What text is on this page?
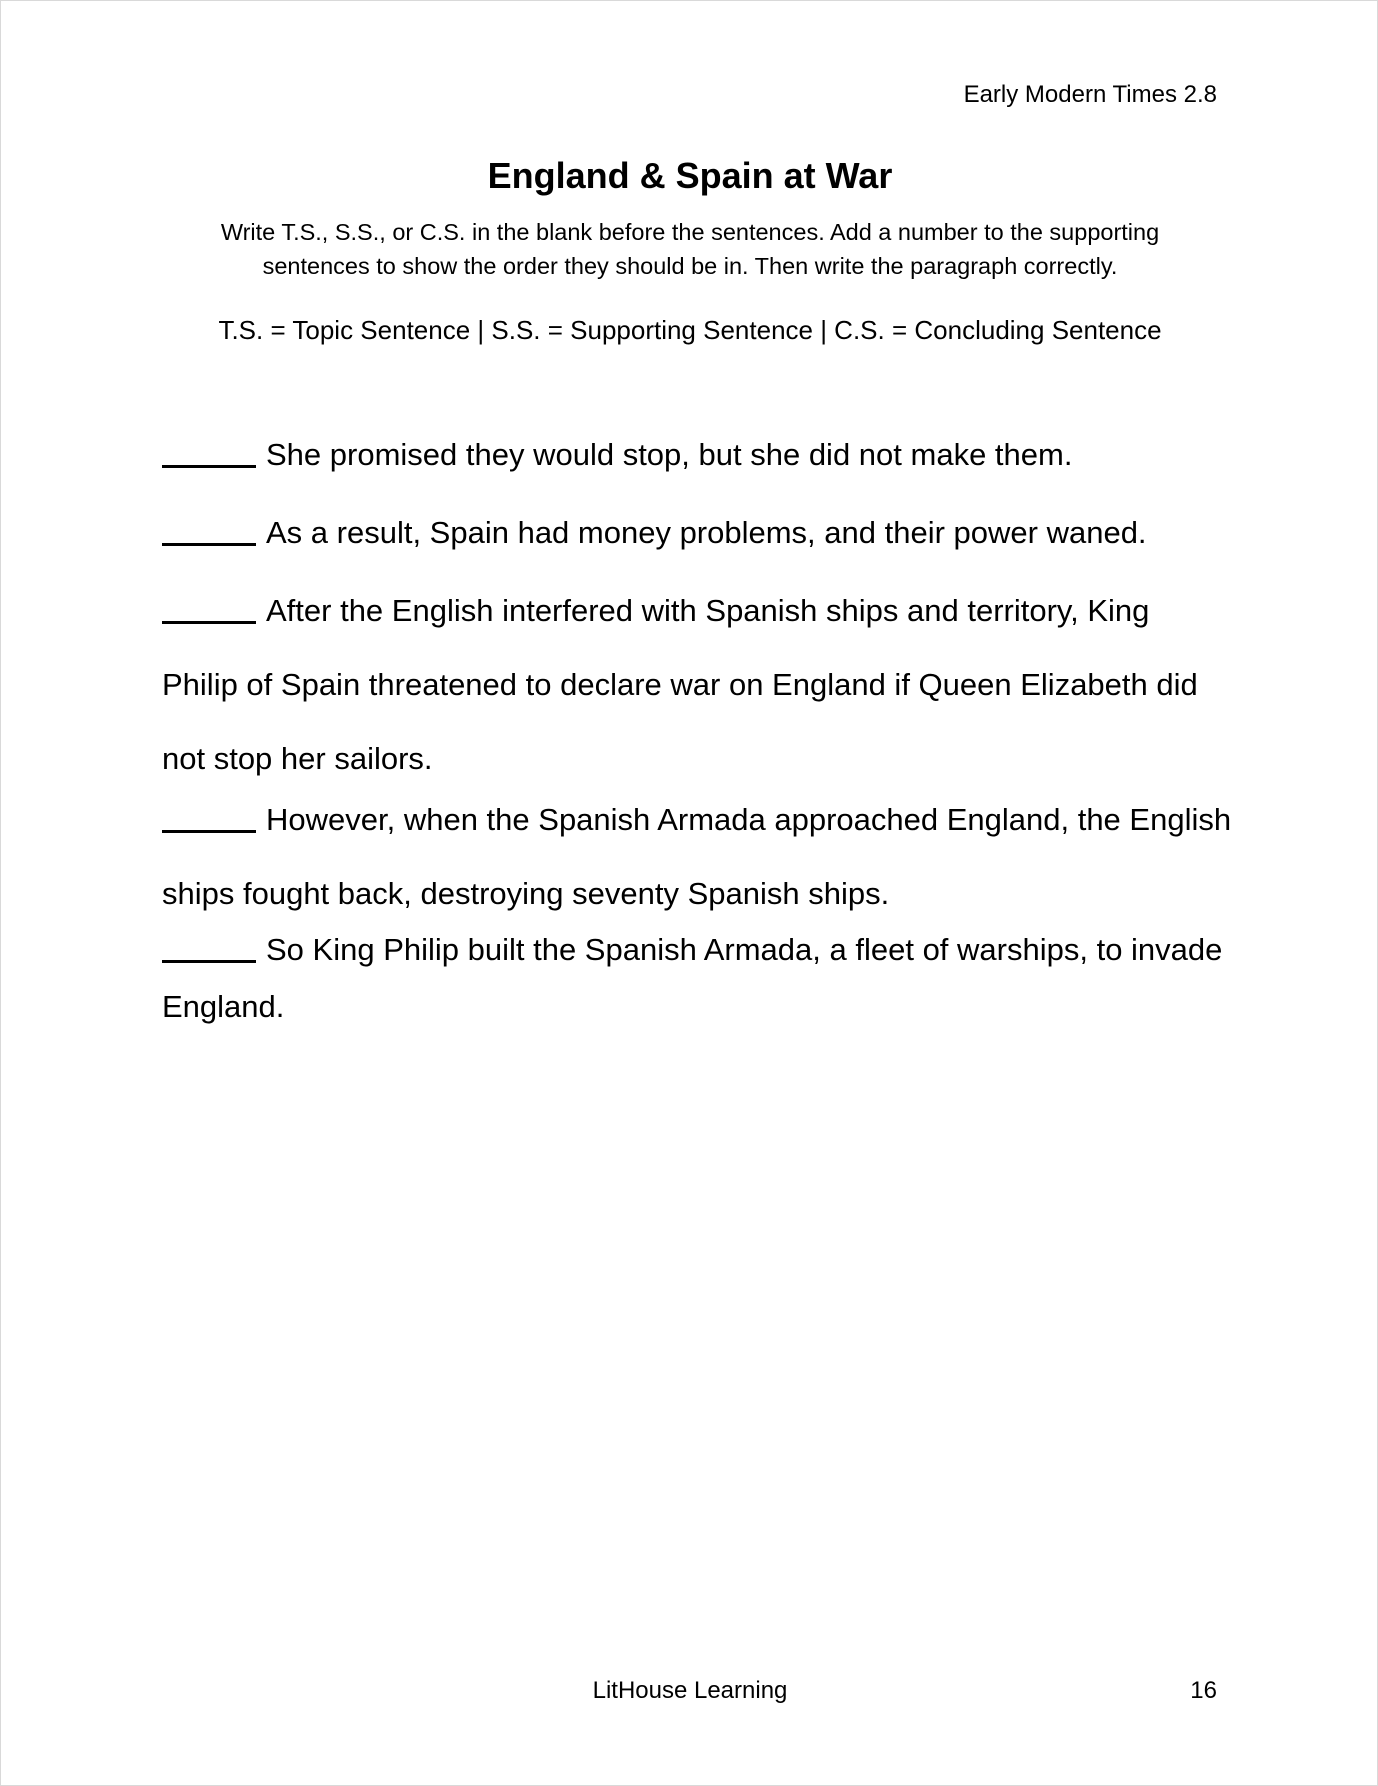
Early Modern Times 2.8
England & Spain at War
Write T.S., S.S., or C.S. in the blank before the sentences. Add a number to the supporting sentences to show the order they should be in. Then write the paragraph correctly.
T.S. = Topic Sentence | S.S. = Supporting Sentence | C.S. = Concluding Sentence

She promised they would stop, but she did not make them.

As a result, Spain had money problems, and their power waned.

After the English interfered with Spanish ships and territory, King Philip of Spain threatened to declare war on England if Queen Elizabeth did not stop her sailors.

However, when the Spanish Armada approached England, the English ships fought back, destroying seventy Spanish ships.

So King Philip built the Spanish Armada, a fleet of warships, to invade England.

LitHouse Learning	16
